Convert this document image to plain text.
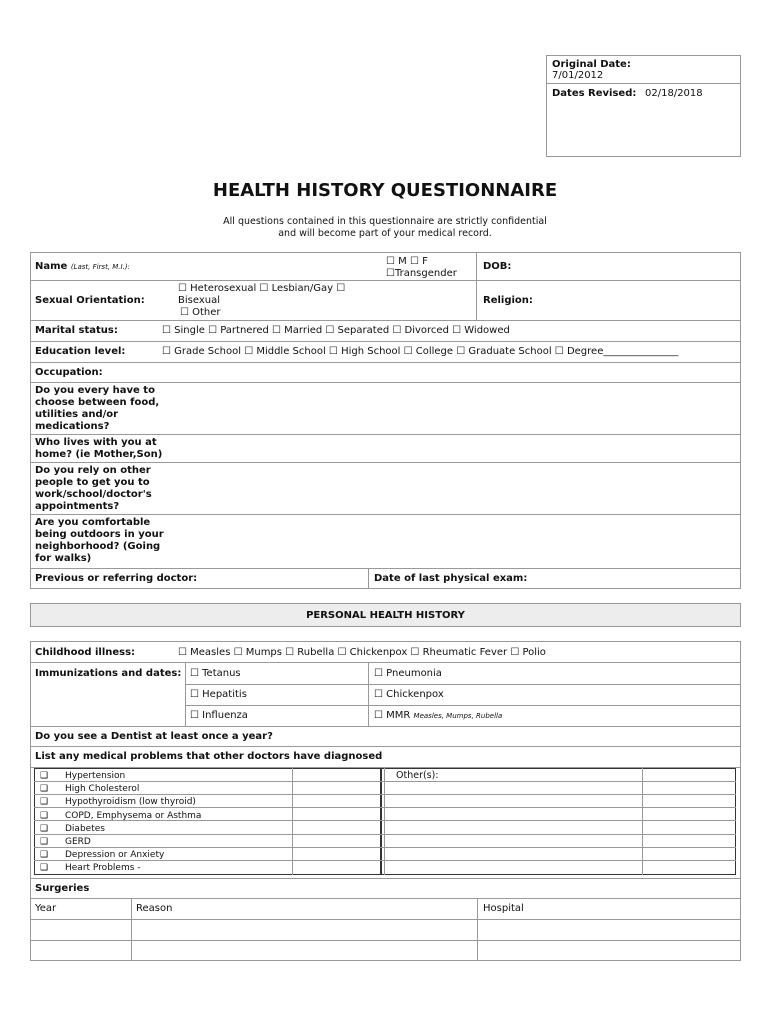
Original Date:
7/01/2012
Dates Revised: 02/18/2018
HEALTH HISTORY QUESTIONNAIRE
All questions contained in this questionnaire are strictly confidential
and will become part of your medical record.
Name (Last, First, M.I.):	☐ M ☐ F
☐Transgender
DOB:
Sexual Orientation:
☐ Heterosexual ☐ Lesbian/Gay ☐
Bisexual
☐ Other
Religion:
Marital status:	☐ Single ☐ Partnered ☐ Married ☐ Separated ☐ Divorced ☐ Widowed
Education level:	☐ Grade School ☐ Middle School ☐ High School ☐ College ☐ Graduate School ☐ Degree_______________
Occupation:
Do you every have to
choose between food,
utilities and/or
medications?
Who lives with you at
home? (ie Mother,Son)
Do you rely on other
people to get you to
work/school/doctor's
appointments?
Are you comfortable
being outdoors in your
neighborhood? (Going
for walks)
Previous or referring doctor:	Date of last physical exam:
PERSONAL HEALTH HISTORY
Childhood illness:	☐ Measles ☐ Mumps ☐ Rubella ☐ Chickenpox ☐ Rheumatic Fever ☐ Polio
Immunizations and dates: ☐ Tetanus	☐ Pneumonia
☐ Hepatitis	☐ Chickenpox
☐ Influenza	☐ MMR Measles, Mumps, Rubella
Do you see a Dentist at least once a year?
List any medical problems that other doctors have diagnosed
❑ Hypertension
❑ High Cholesterol
❑ Hypothyroidism (low thyroid)
❑ COPD, Emphysema or Asthma
❑ Diabetes
❑ GERD
❑ Depression or Anxiety
❑ Heart Problems -
Other(s):
Surgeries
Year	Reason	Hospital
